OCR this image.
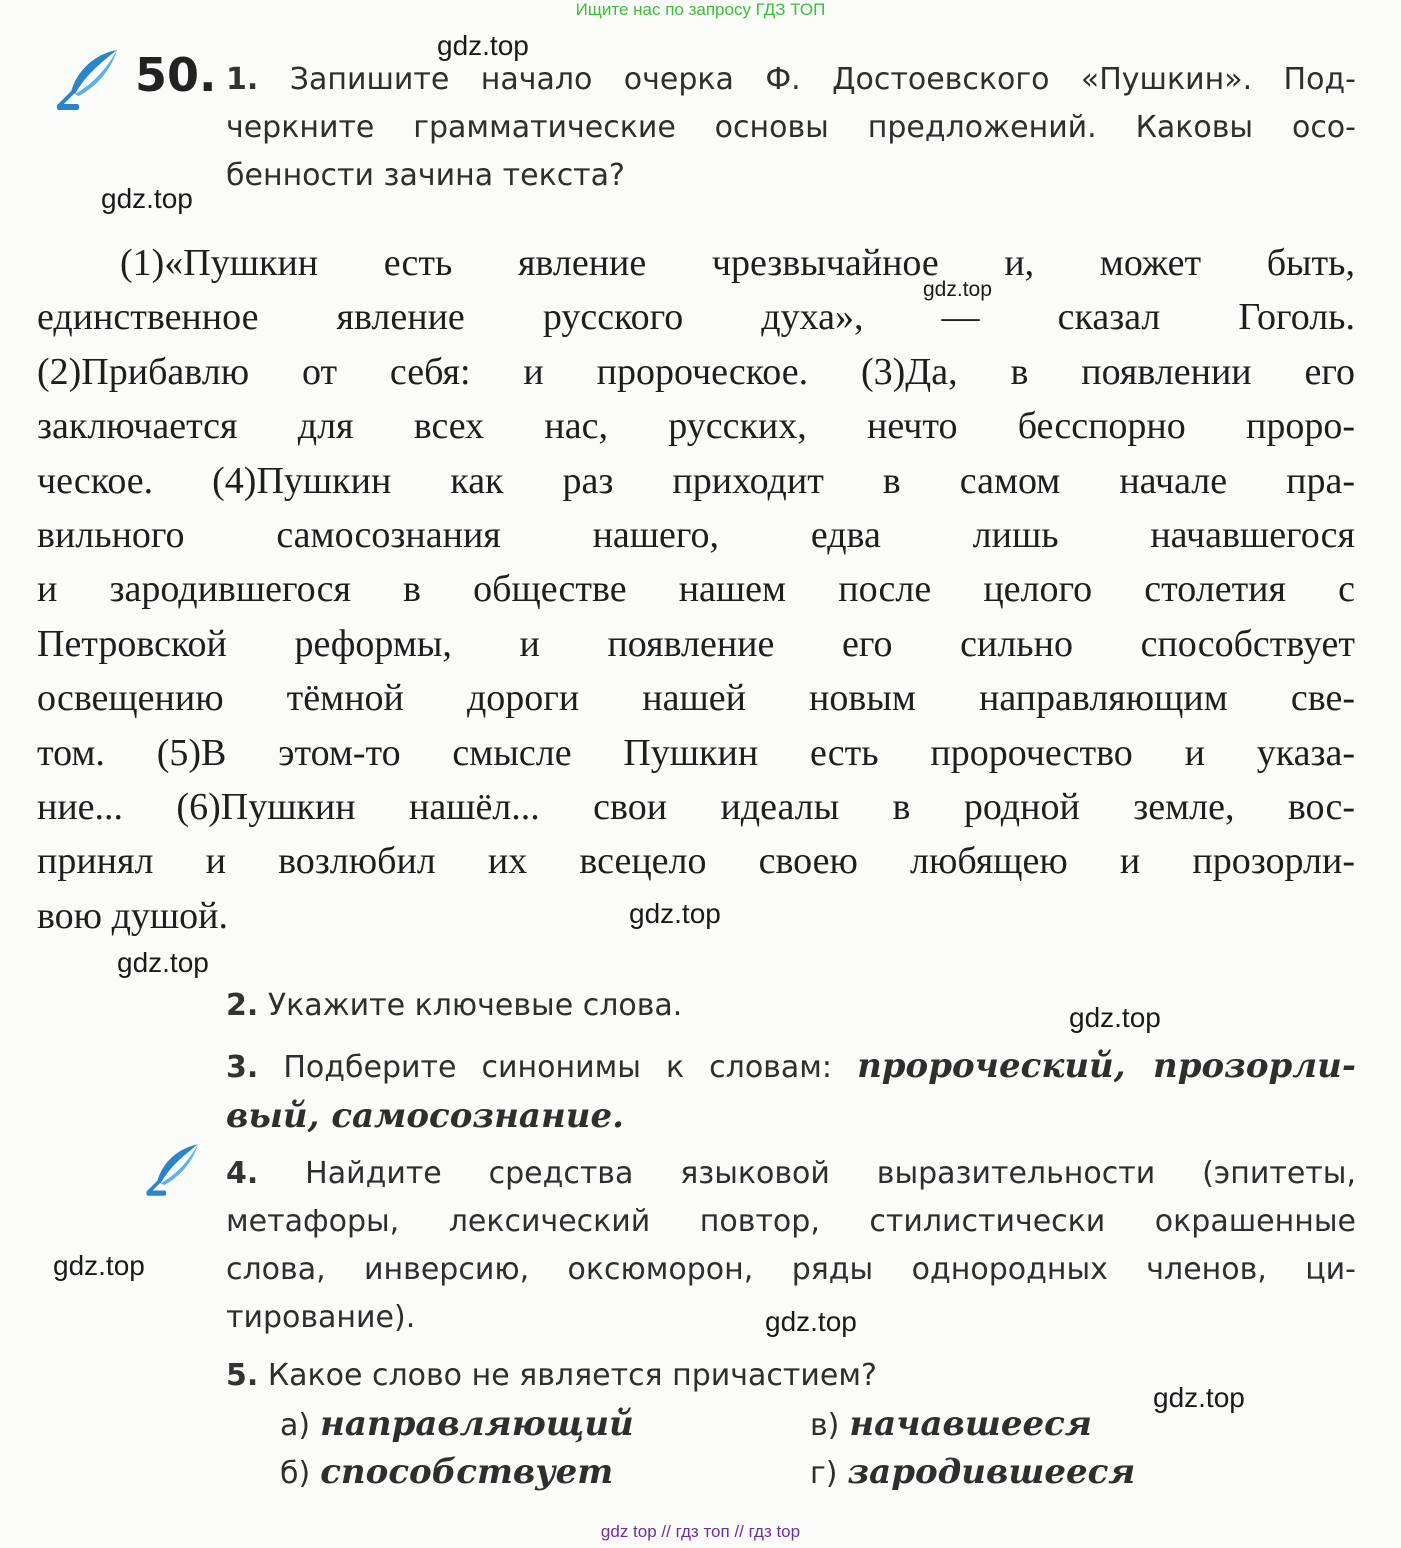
Ищите нас по запросу ГДЗ ТОП
50. 1. Запишите начало очерка Ф. Достоевского «Пушкин». Под-
черкните грамматические основы предложений. Каковы осо-
бенности зачина текста?
(1)«Пушкин есть явление чрезвычайное и, может быть,
единственное явление русского духа», — сказал Гоголь.
(2)Прибавлю от себя: и пророческое. (3)Да, в появлении его
заключается для всех нас, русских, нечто бесспорно проро-
ческое. (4)Пушкин как раз приходит в самом начале пра-
вильного самосознания нашего, едва лишь начавшегося
и зародившегося в обществе нашем после целого столетия с
Петровской реформы, и появление его сильно способствует
освещению тёмной дороги нашей новым направляющим све-
том. (5)В этом-то смысле Пушкин есть пророчество и указа-
ние... (6)Пушкин нашёл... свои идеалы в родной земле, вос-
принял и возлюбил их всецело своею любящею и прозорли-
вою душой.
2. Укажите ключевые слова.
3. Подберите синонимы к словам: пророческий, прозорли-
вый, самосознание.
4. Найдите средства языковой выразительности (эпитеты,
метафоры, лексический повтор, стилистически окрашенные
слова, инверсию, оксюморон, ряды однородных членов, ци-
тирование).
5. Какое слово не является причастием?
а) направляющий	в) начавшееся
б) способствует	г) зародившееся
gdz.top
gdz.top
gdz.top
gdz.top
gdz.top
gdz.top
gdz.top
gdz.top
gdz.top
gdz top // гдз топ // гдз top
